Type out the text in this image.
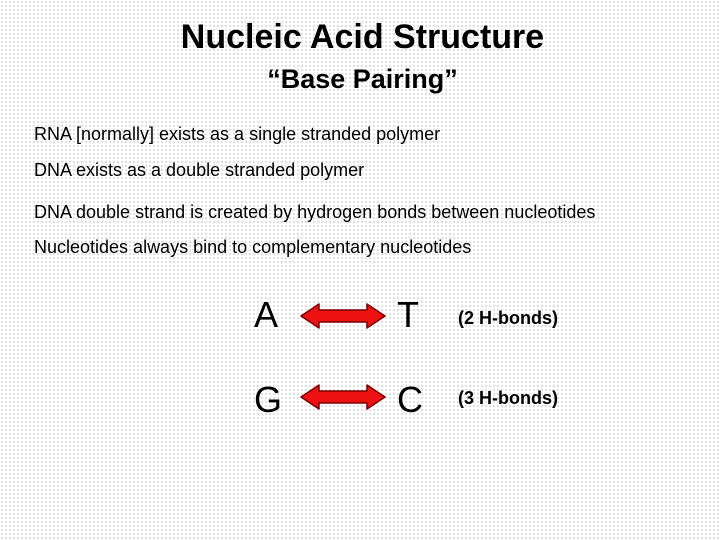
Nucleic Acid Structure
“Base Pairing”
RNA [normally] exists as a single stranded polymer
DNA exists as a double stranded polymer
DNA double strand is created by hydrogen bonds between nucleotides
Nucleotides always bind to complementary nucleotides
A	T (2 H-bonds)
G	C (3 H-bonds)
